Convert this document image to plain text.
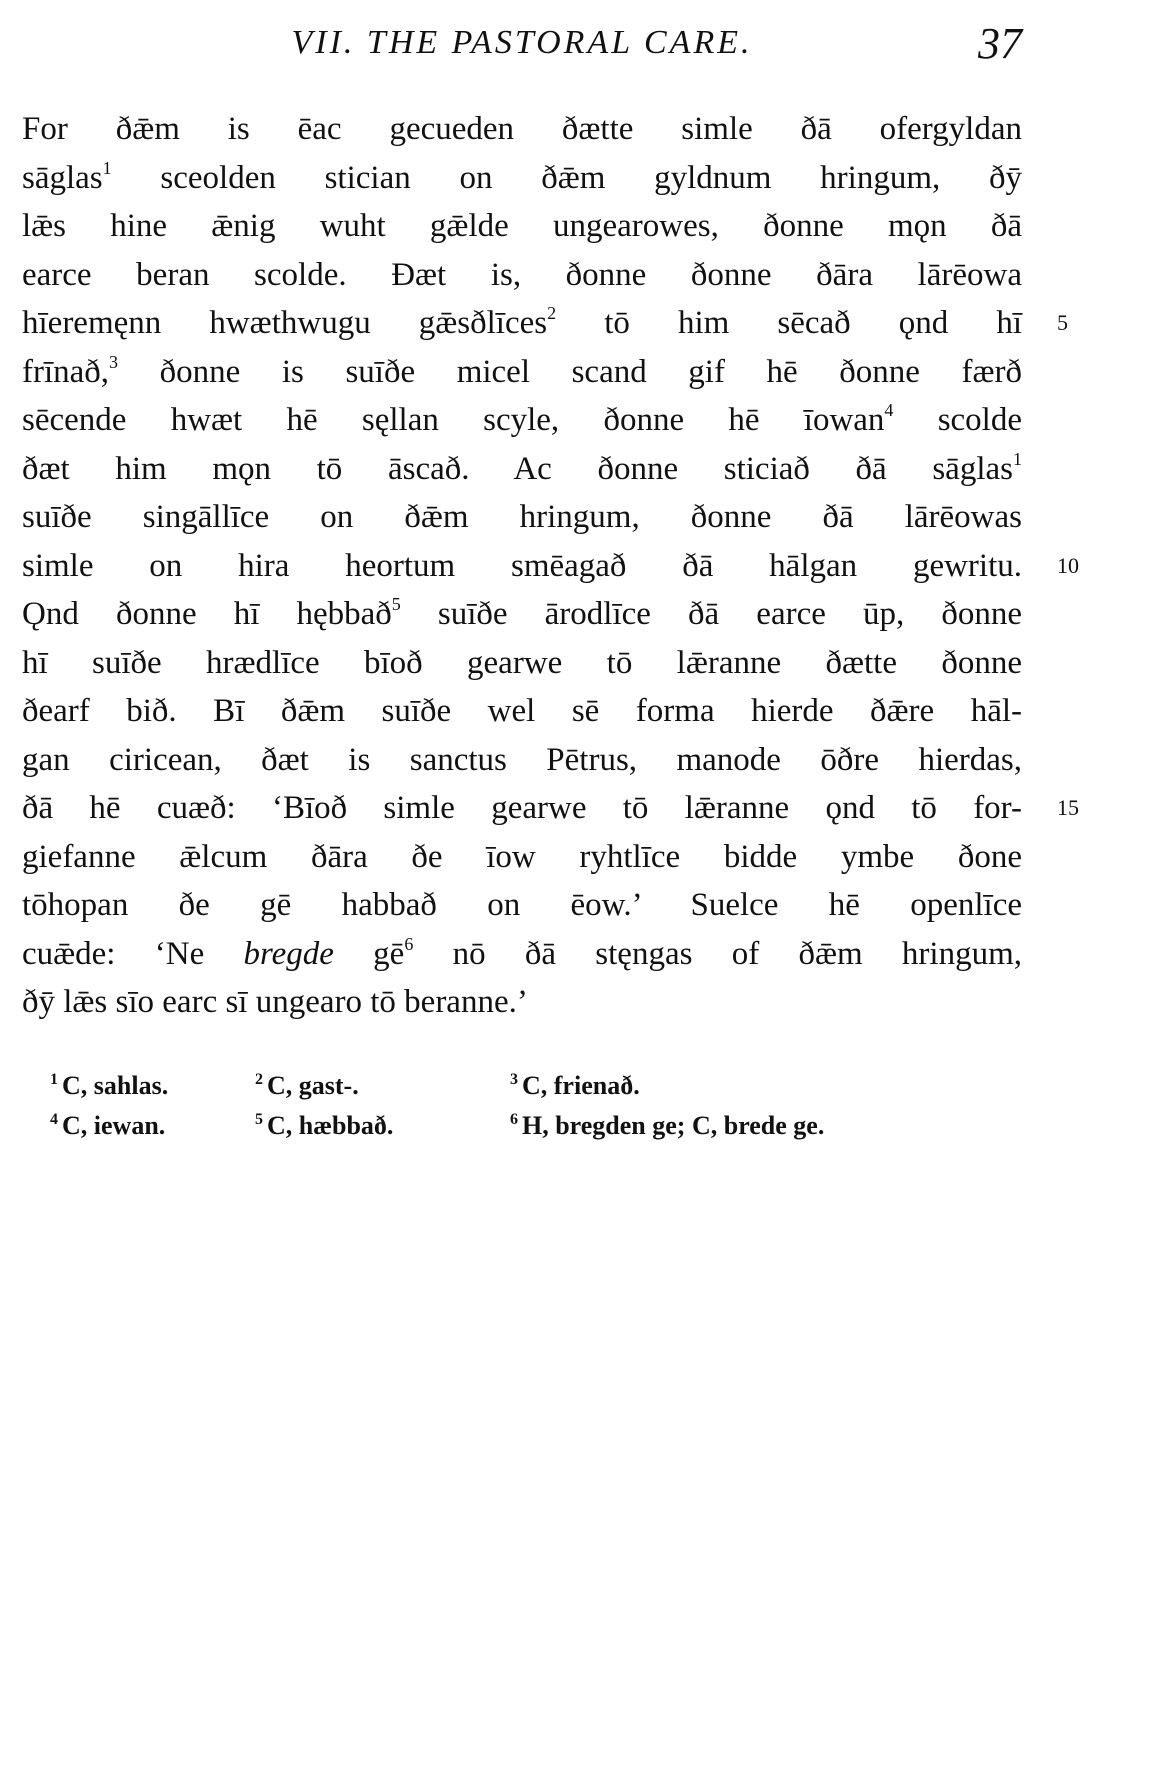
VII. THE PASTORAL CARE.	37
For ðǣm is ēac gecueden ðætte simle ðā ofergyldan
sāglas$^1$ sceolden stician on ðǣm gyldnum hringum, ðȳ
lǣs hine ǣnig wuht gǣlde ungearowes, ðonne mǫn ðā
earce beran scolde. Ðæt is, ðonne ðonne ðāra lārēowa
hīeremęnn hwæthwugu gǣsðlīces$^2$ tō him sēcað ǫnd hī 5
frīnað,$^3$ ðonne is suīðe micel scand gif hē ðonne færð
sēcende hwæt hē sęllan scyle, ðonne hē īowan$^4$ scolde
ðæt him mǫn tō āscað. Ac ðonne sticiað ðā sāglas$^1$
suīðe singāllīce on ðǣm hringum, ðonne ðā lārēowas
simle on hira heortum smēagað ðā hālgan gewritu. 10
Ǫnd ðonne hī hębbað$^5$ suīðe ārodlīce ðā earce ūp, ðonne
hī suīðe hrædlīce bīoð gearwe tō lǣranne ðætte ðonne
ðearf bið. Bī ðǣm suīðe wel sē forma hierde ðǣre hāl-
gan ciricean, ðæt is sanctus Pētrus, manode ōðre hierdas,
ðā hē cuæð: ‘Bīoð simle gearwe tō lǣranne ǫnd tō for- 15
giefanne ǣlcum ðāra ðe īow ryhtlīce bidde ymbe ðone
tōhopan ðe gē habbað on ēow.’ Suelce hē openlīce
cuǣde: ‘Ne bregde gē$^6$ nō ðā stęngas of ðǣm hringum,
ðȳ lǣs sīo earc sī ungearo tō beranne.’
$^1$ C, sahlas.	$^2$ C, gast-.	$^3$ C, frienað.
$^4$ C, iewan.	$^5$ C, hæbbað.	$^6$ H, bregden ge; C, brede ge.
